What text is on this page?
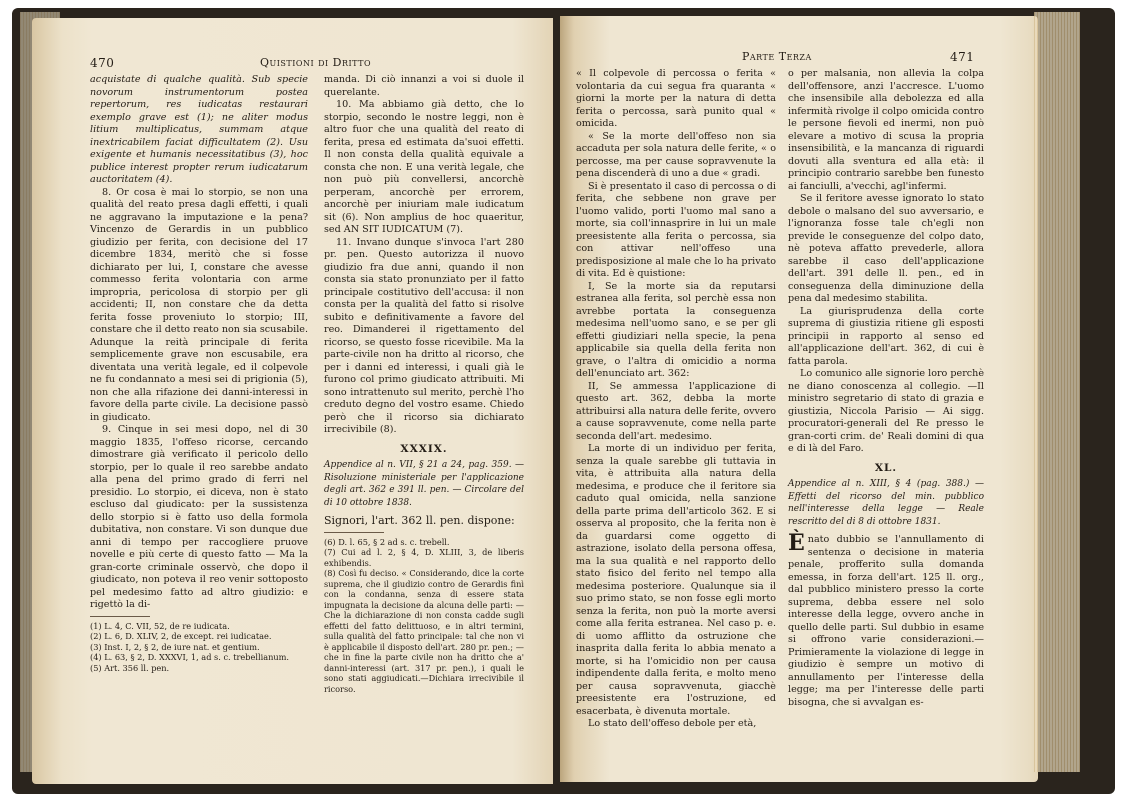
470	Quistioni di Dritto

acquistate di qualche qualità. Sub specie novorum instrumentorum postea repertorum, res iudicatas restaurari exemplo grave est (1); ne aliter modus litium multiplicatus, summam atque inextricabilem faciat difficultatem (2). Usu exigente et humanis necessitatibus (3), hoc publice interest propter rerum iudicatarum auctoritatem (4).

8. Or cosa è mai lo storpio, se non una qualità del reato presa dagli effetti, i quali ne aggravano la imputazione e la pena? Vincenzo de Gerardis in un pubblico giudizio per ferita, con decisione del 17 dicembre 1834, meritò che si fosse dichiarato per lui, I, constare che avesse commesso ferita volontaria con arme impropria, pericolosa di storpio per gli accidenti; II, non constare che da detta ferita fosse proveniuto lo storpio; III, constare che il detto reato non sia scusabile. Adunque la reità principale di ferita semplicemente grave non escusabile, era diventata una verità legale, ed il colpevole ne fu condannato a mesi sei di prigionia (5), non che alla rifazione dei danni-interessi in favore della parte civile. La decisione passò in giudicato.

9. Cinque in sei mesi dopo, nel di 30 maggio 1835, l'offeso ricorse, cercando dimostrare già verificato il pericolo dello storpio, per lo quale il reo sarebbe andato alla pena del primo grado di ferri nel presidio. Lo storpio, ei diceva, non è stato escluso dal giudicato: per la sussistenza dello storpio si è fatto uso della formola dubitativa, non constare. Vi son dunque due anni di tempo per raccogliere pruove novelle e più certe di questo fatto — Ma la gran-corte criminale osservò, che dopo il giudicato, non poteva il reo venir sottoposto pel medesimo fatto ad altro giudizio: e rigettò la di-

(1) L. 4, C. VII, 52, de re iudicata.

(2) L. 6, D. XLIV, 2, de except. rei iudicatae.

(3) Inst. I, 2, § 2, de iure nat. et gentium.

(4) L. 63, § 2, D. XXXVI, 1, ad s. c. trebellianum.

(5) Art. 356 ll. pen.

manda. Di ciò innanzi a voi si duole il querelante.

10. Ma abbiamo già detto, che lo storpio, secondo le nostre leggi, non è altro fuor che una qualità del reato di ferita, presa ed estimata da'suoi effetti. Il non consta della qualità equivale a consta che non. E una verità legale, che non può più convellersi, ancorchè perperam, ancorchè per errorem, ancorchè per iniuriam male iudicatum sit (6). Non amplius de hoc quaeritur, sed AN SIT IUDICATUM (7).

11. Invano dunque s'invoca l'art 280 pr. pen. Questo autorizza il nuovo giudizio fra due anni, quando il non consta sia stato pronunziato per il fatto principale costitutivo dell'accusa: il non consta per la qualità del fatto si risolve subito e definitivamente a favore del reo. Dimanderei il rigettamento del ricorso, se questo fosse ricevibile. Ma la parte-civile non ha dritto al ricorso, che per i danni ed interessi, i quali già le furono col primo giudicato attribuiti. Mi sono intrattenuto sul merito, perchè l'ho creduto degno del vostro esame. Chiedo però che il ricorso sia dichiarato irrecivibile (8).

XXXIX.

Appendice al n. VII, § 21 a 24, pag. 359. — Risoluzione ministeriale per l'applicazione degli art. 362 e 391 ll. pen. — Circolare del di 10 ottobre 1838.

Signori, l'art. 362 ll. pen. dispone:

(6) D. l. 65, § 2 ad s. c. trebell.

(7) Cui ad l. 2, § 4, D. XLIII, 3, de liberis exhibendis.

(8) Così fu deciso. « Considerando, dice la corte suprema, che il giudizio contro de Gerardis finì con la condanna, senza di essere stata impugnata la decisione da alcuna delle parti: — Che la dichiarazione di non consta cadde sugli effetti del fatto delittuoso, e in altri termini, sulla qualità del fatto principale: tal che non vi è applicabile il disposto dell'art. 280 pr. pen.; — che in fine la parte civile non ha dritto che a' danni-interessi (art. 317 pr. pen.), i quali le sono stati aggiudicati.—Dichiara irrecivibile il ricorso.

Parte Terza	471

« Il colpevole di percossa o ferita « volontaria da cui segua fra quaranta « giorni la morte per la natura di detta ferita o percossa, sarà punito qual « omicida.

« Se la morte dell'offeso non sia accaduta per sola natura delle ferite, « o percosse, ma per cause sopravvenute la pena discenderà di uno a due « gradi.

Si è presentato il caso di percossa o di ferita, che sebbene non grave per l'uomo valido, porti l'uomo mal sano a morte, sia coll'innasprire in lui un male preesistente alla ferita o percossa, sia con attivar nell'offeso una predisposizione al male che lo ha privato di vita. Ed è quistione:

I, Se la morte sia da reputarsi estranea alla ferita, sol perchè essa non avrebbe portata la conseguenza medesima nell'uomo sano, e se per gli effetti giudiziari nella specie, la pena applicabile sia quella della ferita non grave, o l'altra di omicidio a norma dell'enunciato art. 362:

II, Se ammessa l'applicazione di questo art. 362, debba la morte attribuirsi alla natura delle ferite, ovvero a cause sopravvenute, come nella parte seconda dell'art. medesimo.

La morte di un individuo per ferita, senza la quale sarebbe gli tuttavia in vita, è attribuita alla natura della medesima, e produce che il feritore sia caduto qual omicida, nella sanzione della parte prima dell'articolo 362. E si osserva al proposito, che la ferita non è da guardarsi come oggetto di astrazione, isolato della persona offesa, ma la sua qualità e nel rapporto dello stato fisico del ferito nel tempo alla medesima posteriore. Qualunque sia il suo primo stato, se non fosse egli morto senza la ferita, non può la morte aversi come alla ferita estranea. Nel caso p. e. di uomo afflitto da ostruzione che inasprita dalla ferita lo abbia menato a morte, si ha l'omicidio non per causa indipendente dalla ferita, e molto meno per causa sopravvenuta, giacchè preesistente era l'ostruzione, ed esacerbata, è divenuta mortale.

Lo stato dell'offeso debole per età,

o per malsania, non allevia la colpa dell'offensore, anzi l'accresce. L'uomo che insensibile alla debolezza ed alla infermità rivolge il colpo omicida contro le persone fievoli ed inermi, non può elevare a motivo di scusa la propria insensibilità, e la mancanza di riguardi dovuti alla sventura ed alla età: il principio contrario sarebbe ben funesto ai fanciulli, a'vecchi, agl'infermi.

Se il feritore avesse ignorato lo stato debole o malsano del suo avversario, e l'ignoranza fosse tale ch'egli non previde le conseguenze del colpo dato, nè poteva affatto prevederle, allora sarebbe il caso dell'applicazione dell'art. 391 delle ll. pen., ed in conseguenza della diminuzione della pena dal medesimo stabilita.

La giurisprudenza della corte suprema di giustizia ritiene gli esposti principii in rapporto al senso ed all'applicazione dell'art. 362, di cui è fatta parola.

Lo comunico alle signorie loro perchè ne diano conoscenza al collegio. —Il ministro segretario di stato di grazia e giustizia, Niccola Parisio — Ai sigg. procuratori-generali del Re presso le gran-corti crim. de' Reali domini di qua e di là del Faro.

XL.

Appendice al n. XIII, § 4 (pag. 388.) — Effetti del ricorso del min. pubblico nell'interesse della legge — Reale rescritto del di 8 di ottobre 1831.

È nato dubbio se l'annullamento di sentenza o decisione in materia penale, profferito sulla domanda emessa, in forza dell'art. 125 ll. org., dal pubblico ministero presso la corte suprema, debba essere nel solo interesse della legge, ovvero anche in quello delle parti. Sul dubbio in esame si offrono varie considerazioni.— Primieramente la violazione di legge in giudizio è sempre un motivo di annullamento per l'interesse della legge; ma per l'interesse delle parti bisogna, che si avvalgan es-
